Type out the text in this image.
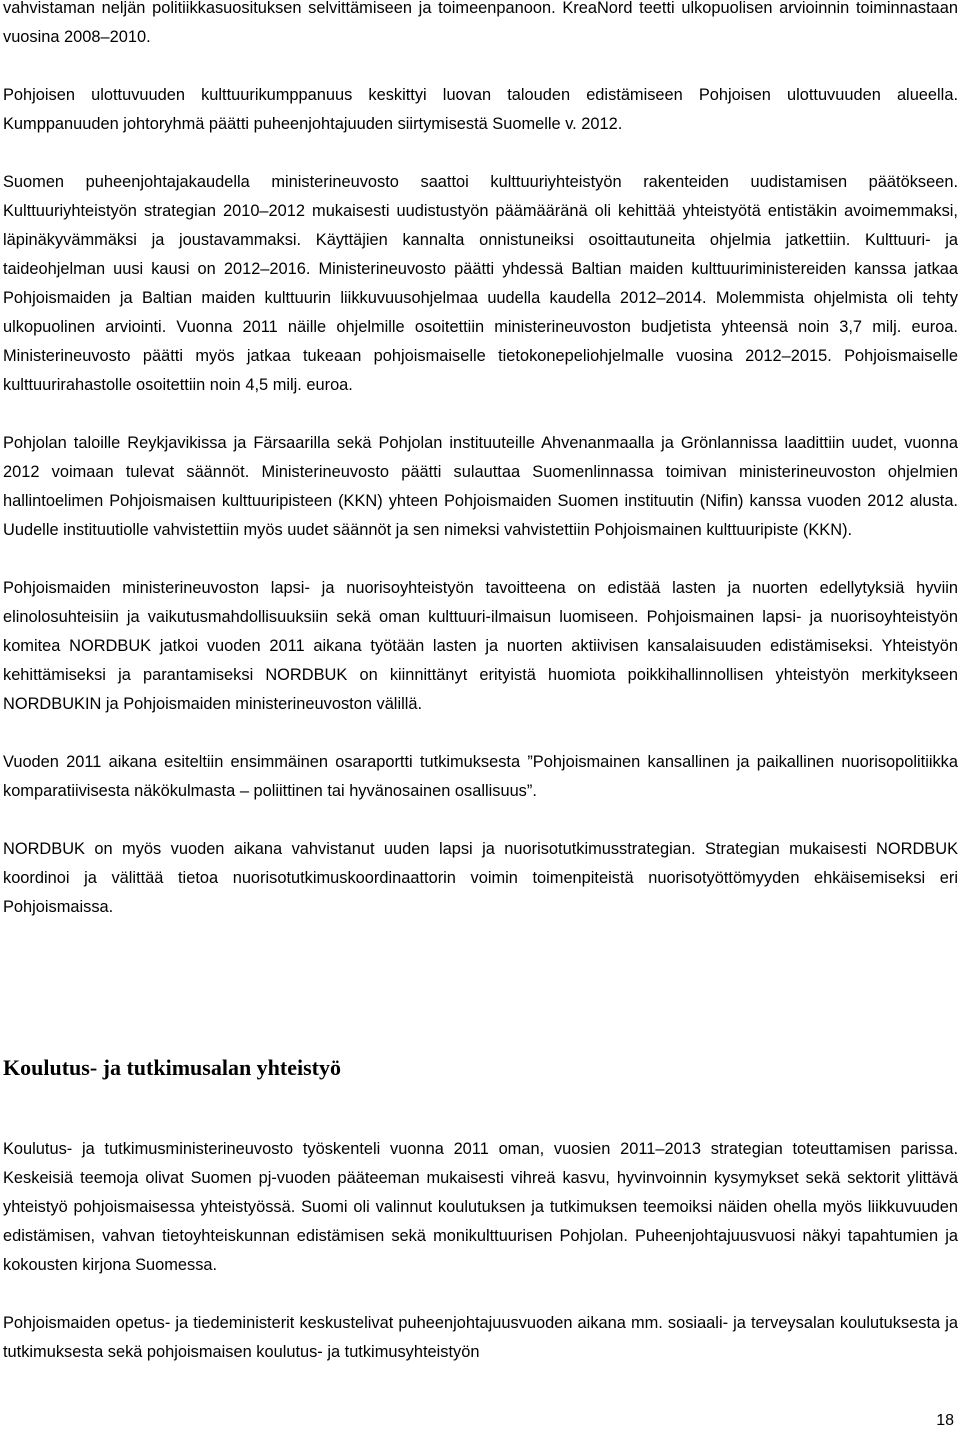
vahvistaman neljän politiikkasuosituksen selvittämiseen ja toimeenpanoon. KreaNord teetti ulkopuolisen arvioinnin toiminnastaan vuosina 2008–2010.

Pohjoisen ulottuvuuden kulttuurikumppanuus keskittyi luovan talouden edistämiseen Pohjoisen ulottuvuuden alueella. Kumppanuuden johtoryhmä päätti puheenjohtajuuden siirtymisestä Suomelle v. 2012.

Suomen puheenjohtajakaudella ministerineuvosto saattoi kulttuuriyhteistyön rakenteiden uudistamisen päätökseen. Kulttuuriyhteistyön strategian 2010–2012 mukaisesti uudistustyön päämääränä oli kehittää yhteistyötä entistäkin avoimemmaksi, läpinäkyvämmäksi ja joustavammaksi. Käyttäjien kannalta onnistuneiksi osoittautuneita ohjelmia jatkettiin. Kulttuuri- ja taideohjelman uusi kausi on 2012–2016. Ministerineuvosto päätti yhdessä Baltian maiden kulttuuriministereiden kanssa jatkaa Pohjoismaiden ja Baltian maiden kulttuurin liikkuvuusohjelmaa uudella kaudella 2012–2014. Molemmista ohjelmista oli tehty ulkopuolinen arviointi. Vuonna 2011 näille ohjelmille osoitettiin ministerineuvoston budjetista yhteensä noin 3,7 milj. euroa. Ministerineuvosto päätti myös jatkaa tukeaan pohjoismaiselle tietokonepeliohjelmalle vuosina 2012–2015. Pohjoismaiselle kulttuurirahastolle osoitettiin noin 4,5 milj. euroa.

Pohjolan taloille Reykjavikissa ja Färsaarilla sekä Pohjolan instituuteille Ahvenanmaalla ja Grönlannissa laadittiin uudet, vuonna 2012 voimaan tulevat säännöt. Ministerineuvosto päätti sulauttaa Suomenlinnassa toimivan ministerineuvoston ohjelmien hallintoelimen Pohjoismaisen kulttuuripisteen (KKN) yhteen Pohjoismaiden Suomen instituutin (Nifin) kanssa vuoden 2012 alusta. Uudelle instituutiolle vahvistettiin myös uudet säännöt ja sen nimeksi vahvistettiin Pohjoismainen kulttuuripiste (KKN).

Pohjoismaiden ministerineuvoston lapsi- ja nuorisoyhteistyön tavoitteena on edistää lasten ja nuorten edellytyksiä hyviin elinolosuhteisiin ja vaikutusmahdollisuuksiin sekä oman kulttuuri-ilmaisun luomiseen. Pohjoismainen lapsi- ja nuorisoyhteistyön komitea NORDBUK jatkoi vuoden 2011 aikana työtään lasten ja nuorten aktiivisen kansalaisuuden edistämiseksi. Yhteistyön kehittämiseksi ja parantamiseksi NORDBUK on kiinnittänyt erityistä huomiota poikkihallinnollisen yhteistyön merkitykseen NORDBUKIN ja Pohjoismaiden ministerineuvoston välillä.

Vuoden 2011 aikana esiteltiin ensimmäinen osaraportti tutkimuksesta ”Pohjoismainen kansallinen ja paikallinen nuorisopolitiikka komparatiivisesta näkökulmasta – poliittinen tai hyvänosainen osallisuus”.

NORDBUK on myös vuoden aikana vahvistanut uuden lapsi ja nuorisotutkimusstrategian. Strategian mukaisesti NORDBUK koordinoi ja välittää tietoa nuorisotutkimuskoordinaattorin voimin toimenpiteistä nuorisotyöttömyyden ehkäisemiseksi eri Pohjoismaissa.

Koulutus- ja tutkimusalan yhteistyö

Koulutus- ja tutkimusministerineuvosto työskenteli vuonna 2011 oman, vuosien 2011–2013 strategian toteuttamisen parissa. Keskeisiä teemoja olivat Suomen pj-vuoden pääteeman mukaisesti vihreä kasvu, hyvinvoinnin kysymykset sekä sektorit ylittävä yhteistyö pohjoismaisessa yhteistyössä. Suomi oli valinnut koulutuksen ja tutkimuksen teemoiksi näiden ohella myös liikkuvuuden edistämisen, vahvan tietoyhteiskunnan edistämisen sekä monikulttuurisen Pohjolan. Puheenjohtajuusvuosi näkyi tapahtumien ja kokousten kirjona Suomessa.

Pohjoismaiden opetus- ja tiedeministerit keskustelivat puheenjohtajuusvuoden aikana mm. sosiaali- ja terveysalan koulutuksesta ja tutkimuksesta sekä pohjoismaisen koulutus- ja tutkimusyhteistyön

18
